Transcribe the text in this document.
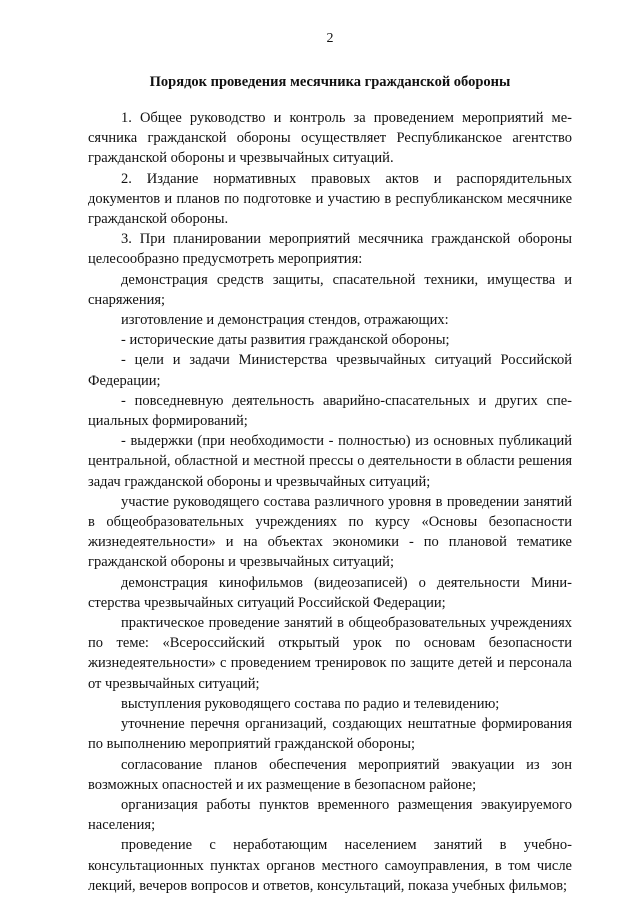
2
Порядок проведения месячника гражданской обороны

1. Общее руководство и контроль за проведением мероприятий месячника гражданской обороны осуществляет Республиканское агентство гражданской обороны и чрезвычайных ситуаций.

2. Издание нормативных правовых актов и распорядительных документов и планов по подготовке и участию в республиканском месячнике гражданской обороны.

3. При планировании мероприятий месячника гражданской обороны целесообразно предусмотреть мероприятия:

демонстрация средств защиты, спасательной техники, имущества и снаряжения;

изготовление и демонстрация стендов, отражающих:

- исторические даты развития гражданской обороны;

- цели и задачи Министерства чрезвычайных ситуаций Российской Федерации;

- повседневную деятельность аварийно-спасательных и других специальных формирований;

- выдержки (при необходимости - полностью) из основных публикаций центральной, областной и местной прессы о деятельности в области решения задач гражданской обороны и чрезвычайных ситуаций;

участие руководящего состава различного уровня в проведении занятий в общеобразовательных учреждениях по курсу «Основы безопасности жизнедеятельности» и на объектах экономики - по плановой тематике гражданской обороны и чрезвычайных ситуаций;

демонстрация кинофильмов (видеозаписей) о деятельности Министерства чрезвычайных ситуаций Российской Федерации;

практическое проведение занятий в общеобразовательных учреждениях по теме: «Всероссийский открытый урок по основам безопасности жизнедеятельности» с проведением тренировок по защите детей и персонала от чрезвычайных ситуаций;

выступления руководящего состава по радио и телевидению;

уточнение перечня организаций, создающих нештатные формирования по выполнению мероприятий гражданской обороны;

согласование планов обеспечения мероприятий эвакуации из зон возможных опасностей и их размещение в безопасном районе;

организация работы пунктов временного размещения эвакуируемого населения;

проведение с неработающим населением занятий в учебно-консультационных пунктах органов местного самоуправления, в том числе лекций, вечеров вопросов и ответов, консультаций, показа учебных фильмов;
